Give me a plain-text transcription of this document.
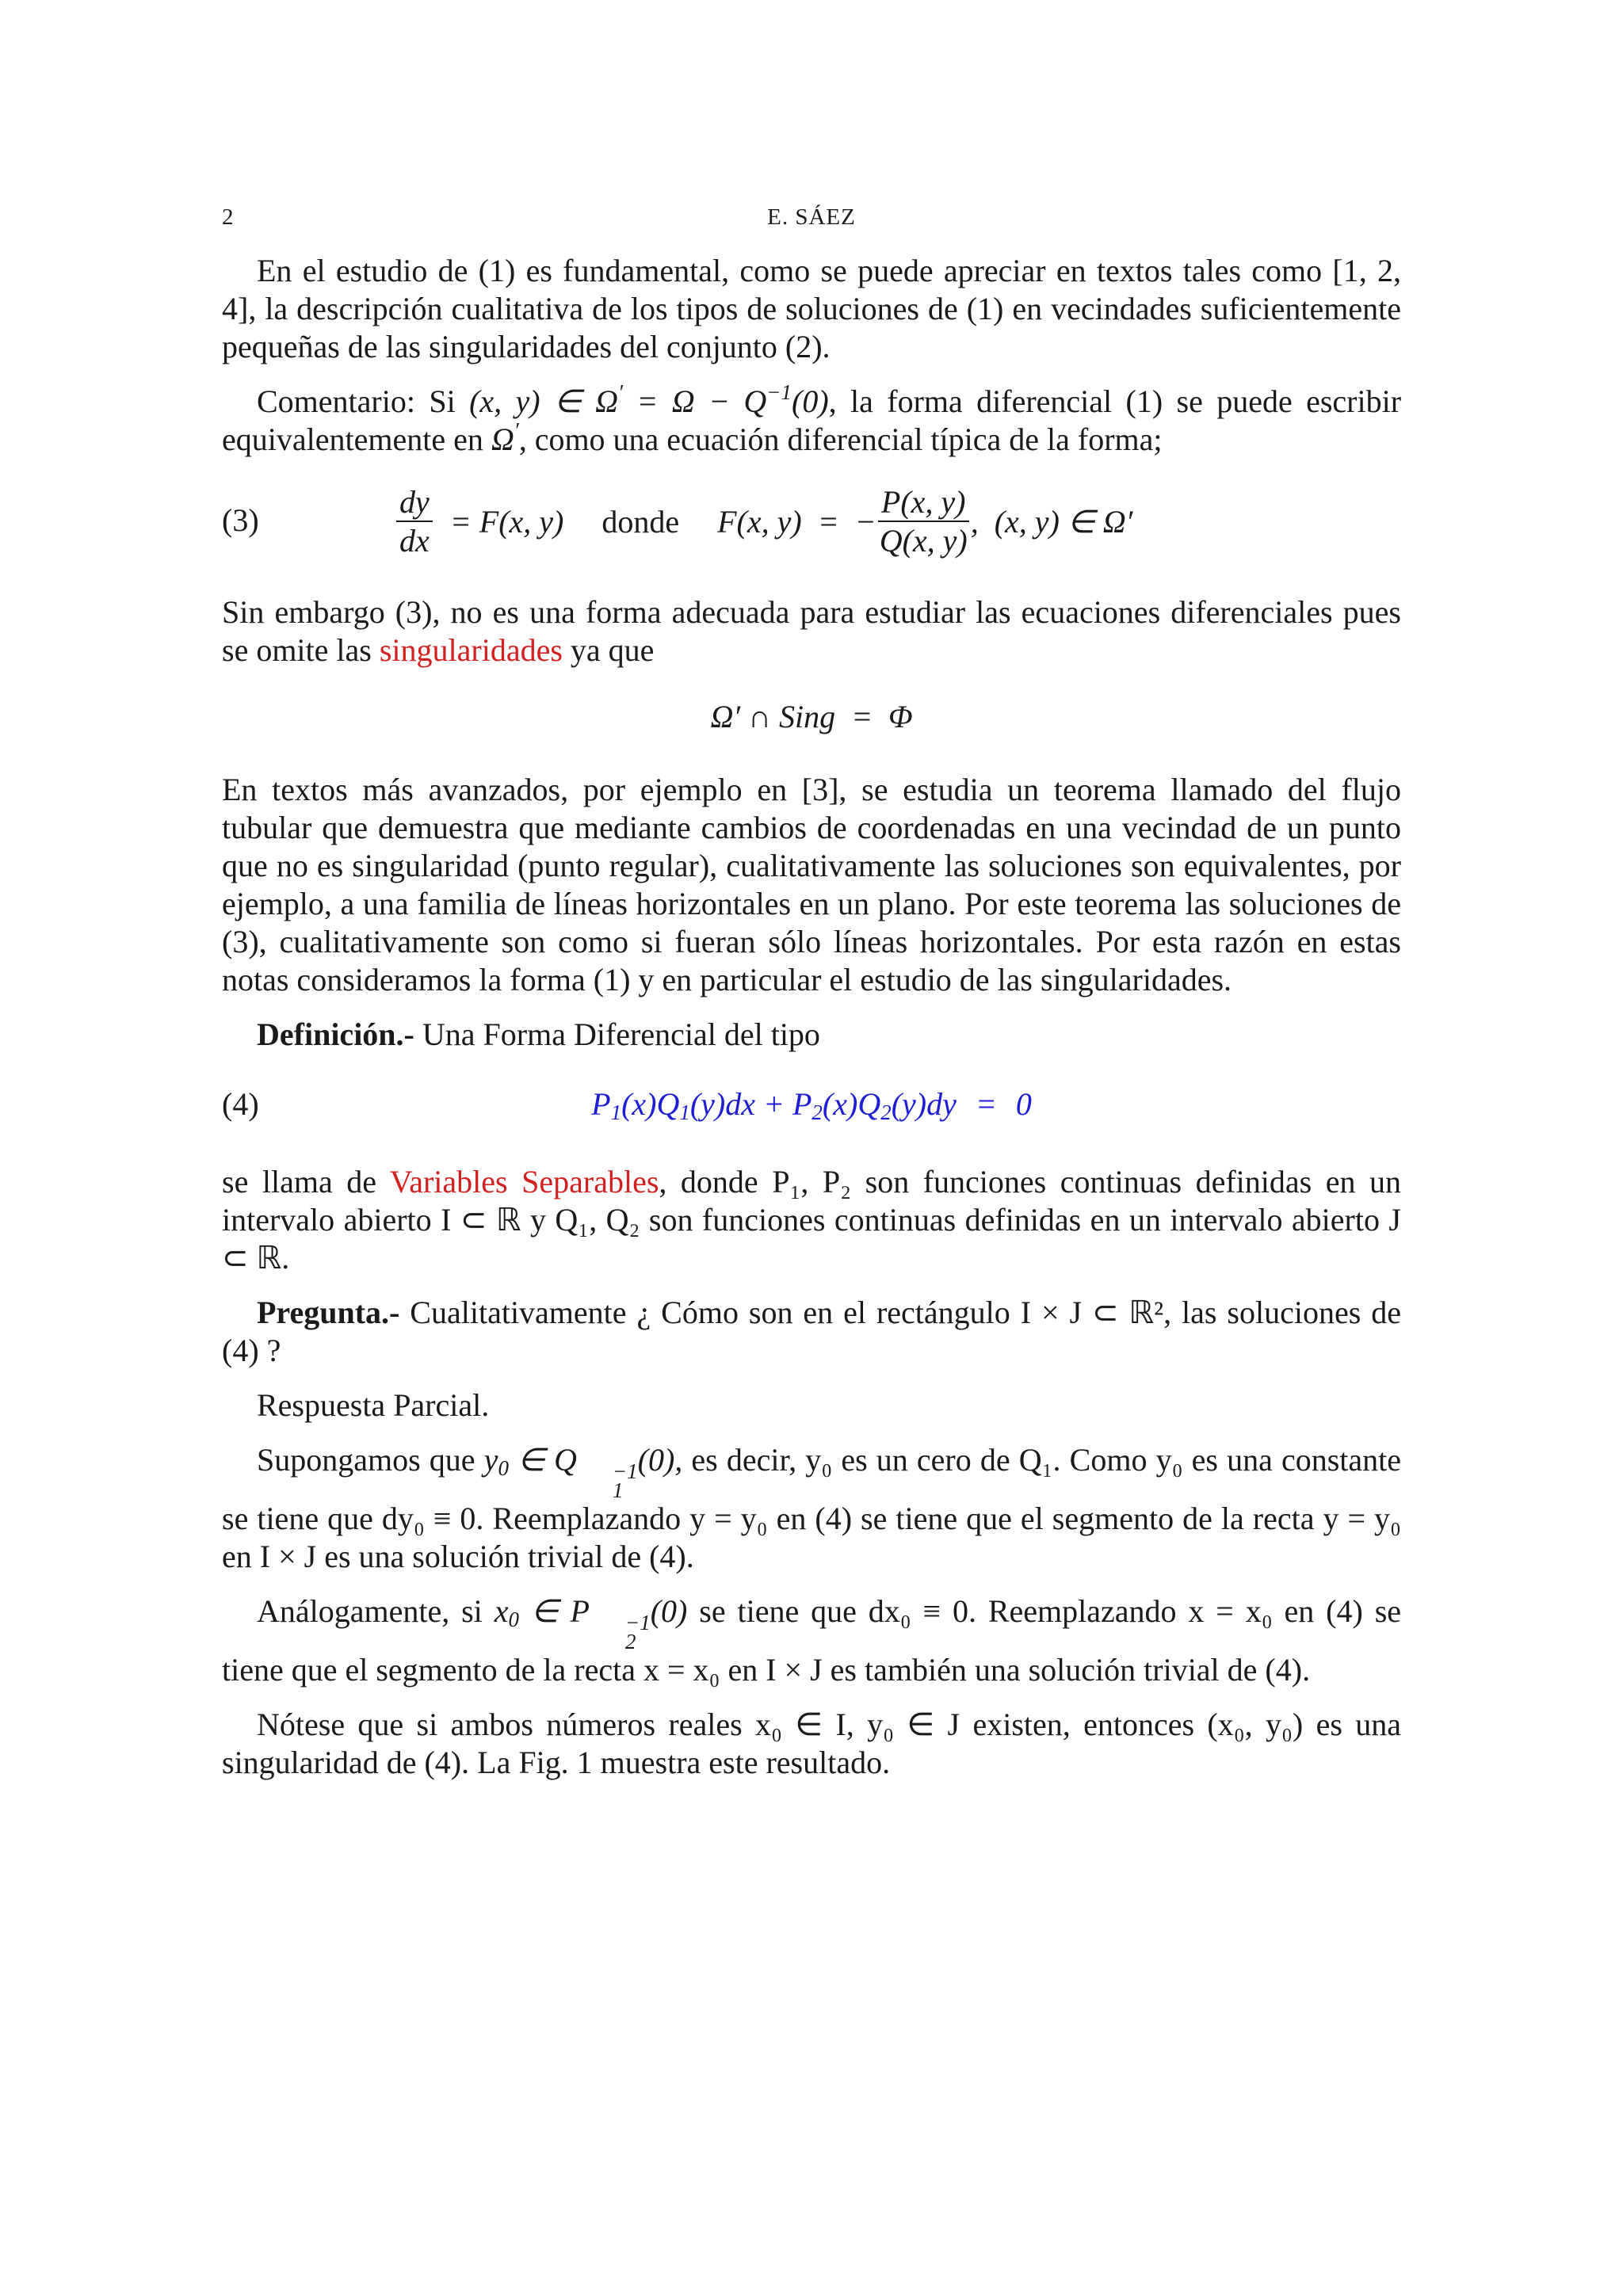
2	E. SÁEZ

En el estudio de (1) es fundamental, como se puede apreciar en textos tales como [1, 2, 4], la descripción cualitativa de los tipos de soluciones de (1) en vecindades suficientemente pequeñas de las singularidades del conjunto (2).

Comentario: Si (x, y) ∈ $\Omega' = \Omega - Q^{-1}(0)$, la forma diferencial (1) se puede escribir equivalentemente en Ω′, como una ecuación diferencial típica de la forma;

(3)	$\frac{dy}{dx} = F(x$, y) donde F(x, y)  =  − $\frac{P(x, y)}{Q(x, y)}$ ,  (x, y) ∈ Ω′

Sin embargo (3), no es una forma adecuada para estudiar las ecuaciones diferenciales pues se omite las singularidades ya que

Ω′ ∩ Sing  =  Φ

En textos más avanzados, por ejemplo en [3], se estudia un teorema llamado del flujo tubular que demuestra que mediante cambios de coordenadas en una vecindad de un punto que no es singularidad (punto regular), cualitativamente las soluciones son equivalentes, por ejemplo, a una familia de líneas horizontales en un plano. Por este teorema las soluciones de (3), cualitativamente son como si fueran sólo líneas horizontales. Por esta razón en estas notas consideramos la forma (1) y en particular el estudio de las singularidades.

Definición.- Una Forma Diferencial del tipo

(4)	$P_1(x)Q_1(y)dx + P_2(x)Q_2(y)dy = 0$

se llama de Variables Separables, donde P₁, P₂ son funciones continuas definidas en un intervalo abierto I ⊂ ℝ y Q₁, Q₂ son funciones continuas definidas en un intervalo abierto J ⊂ ℝ.

Pregunta.- Cualitativamente ¿ Cómo son en el rectángulo I × J ⊂ ℝ², las soluciones de (4) ?

Respuesta Parcial.

Supongamos que $y_0$ ∈ Q	−1
1
(0), es decir, y₀ es un cero de Q₁. Como y₀ es una constante se tiene que dy₀ ≡ 0. Reemplazando y = y₀ en (4) se tiene que el segmento de la recta y = y₀ en I × J es una solución trivial de (4).

Análogamente, si $x_0$ ∈ P	−1
2
(0) se tiene que dx₀ ≡ 0. Reemplazando x = x₀ en (4) se tiene que el segmento de la recta x = x₀ en I × J es también una solución trivial de (4).

Nótese que si ambos números reales x₀ ∈ I, y₀ ∈ J existen, entonces (x₀, y₀) es una singularidad de (4). La Fig. 1 muestra este resultado.
